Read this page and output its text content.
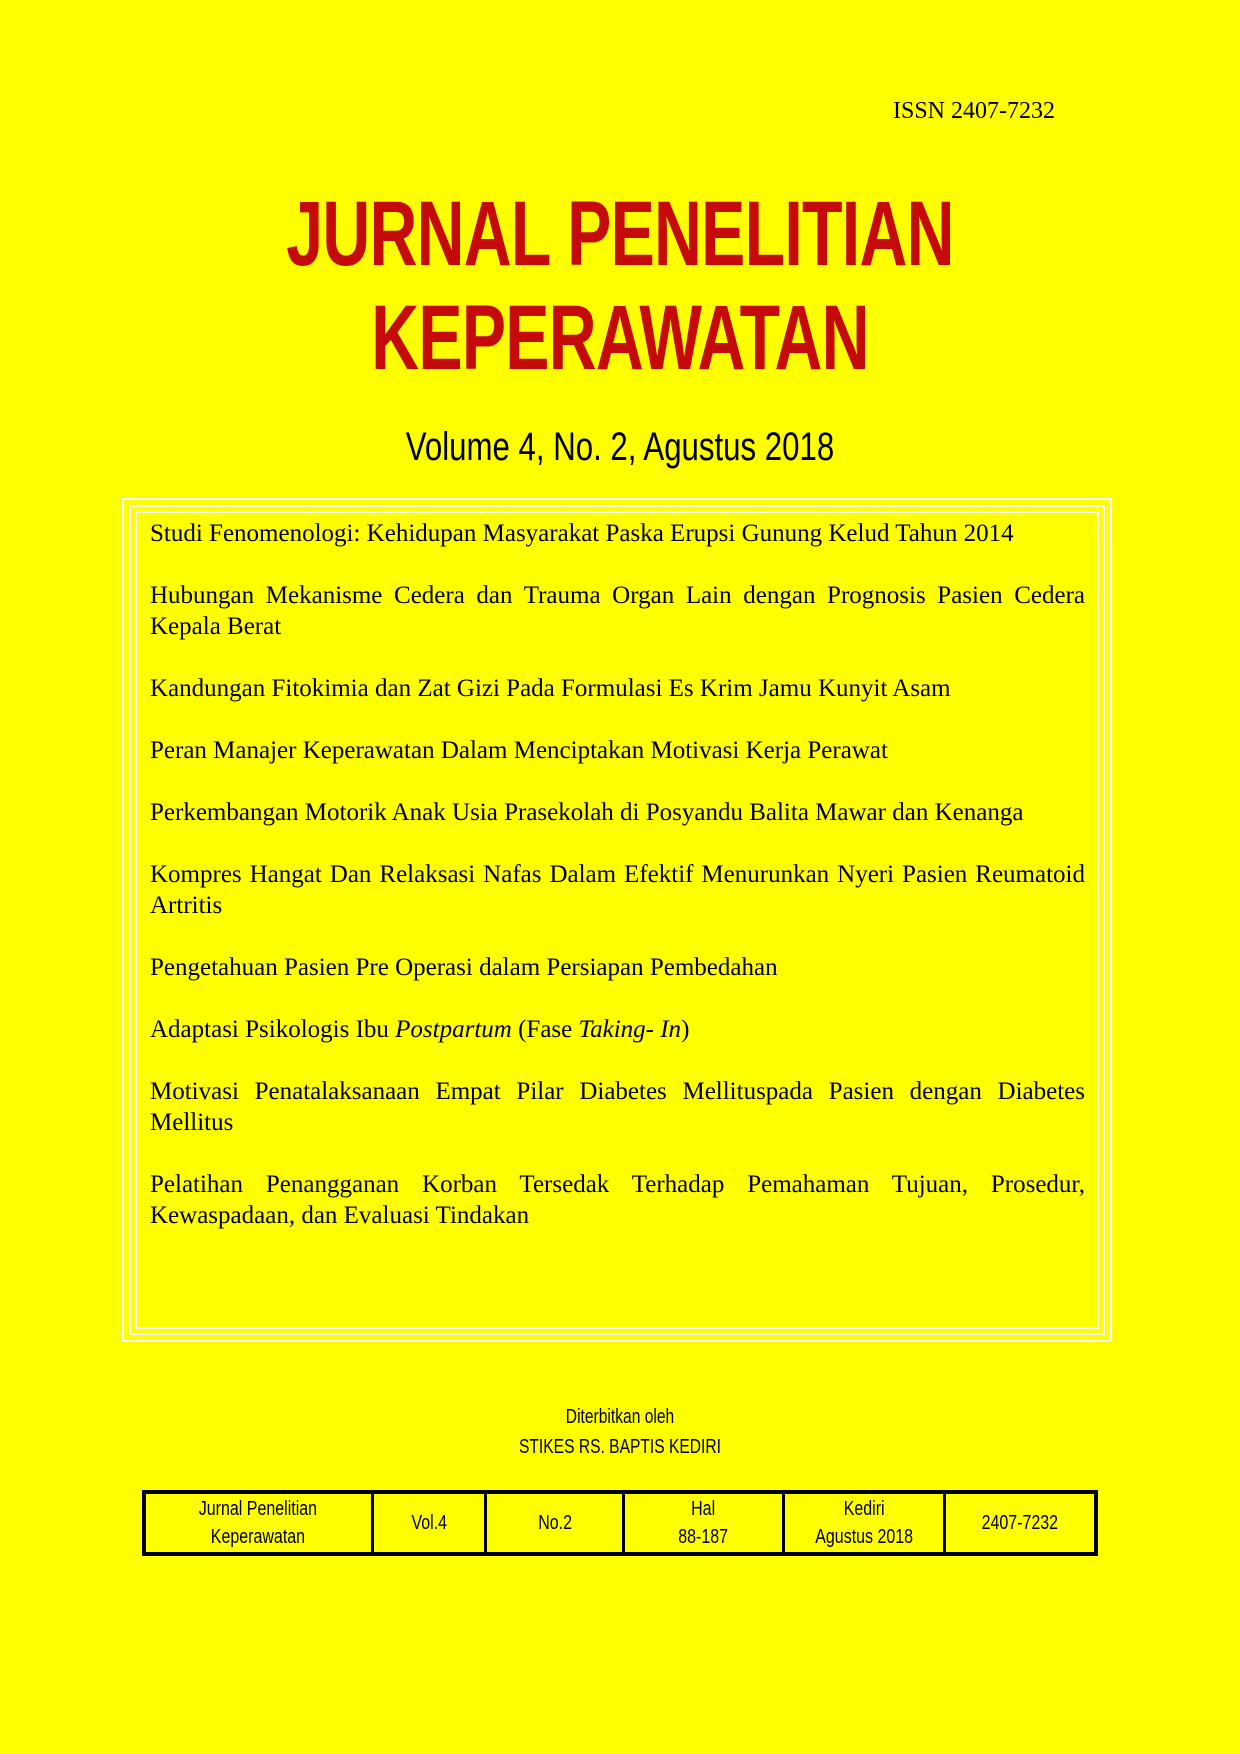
ISSN 2407-7232
JURNAL PENELITIAN
KEPERAWATAN
Volume 4, No. 2, Agustus 2018
Studi Fenomenologi: Kehidupan Masyarakat Paska Erupsi Gunung Kelud Tahun 2014
Hubungan Mekanisme Cedera dan Trauma Organ Lain dengan Prognosis Pasien Cedera Kepala Berat
Kandungan Fitokimia dan Zat Gizi Pada Formulasi Es Krim Jamu Kunyit Asam
Peran Manajer Keperawatan Dalam Menciptakan Motivasi Kerja Perawat
Perkembangan Motorik Anak Usia Prasekolah di Posyandu Balita Mawar dan Kenanga
Kompres Hangat Dan Relaksasi Nafas Dalam Efektif Menurunkan Nyeri Pasien Reumatoid Artritis
Pengetahuan Pasien Pre Operasi dalam Persiapan Pembedahan
Adaptasi Psikologis Ibu Postpartum (Fase Taking- In)
Motivasi Penatalaksanaan Empat Pilar Diabetes Mellituspada Pasien dengan Diabetes Mellitus
Pelatihan Penangganan Korban Tersedak Terhadap Pemahaman Tujuan, Prosedur, Kewaspadaan, dan Evaluasi Tindakan
Diterbitkan oleh
STIKES RS. BAPTIS KEDIRI
Jurnal Penelitian
Keperawatan
Vol.4	No.2
Hal
88-187
Kediri
Agustus 2018
2407-7232
